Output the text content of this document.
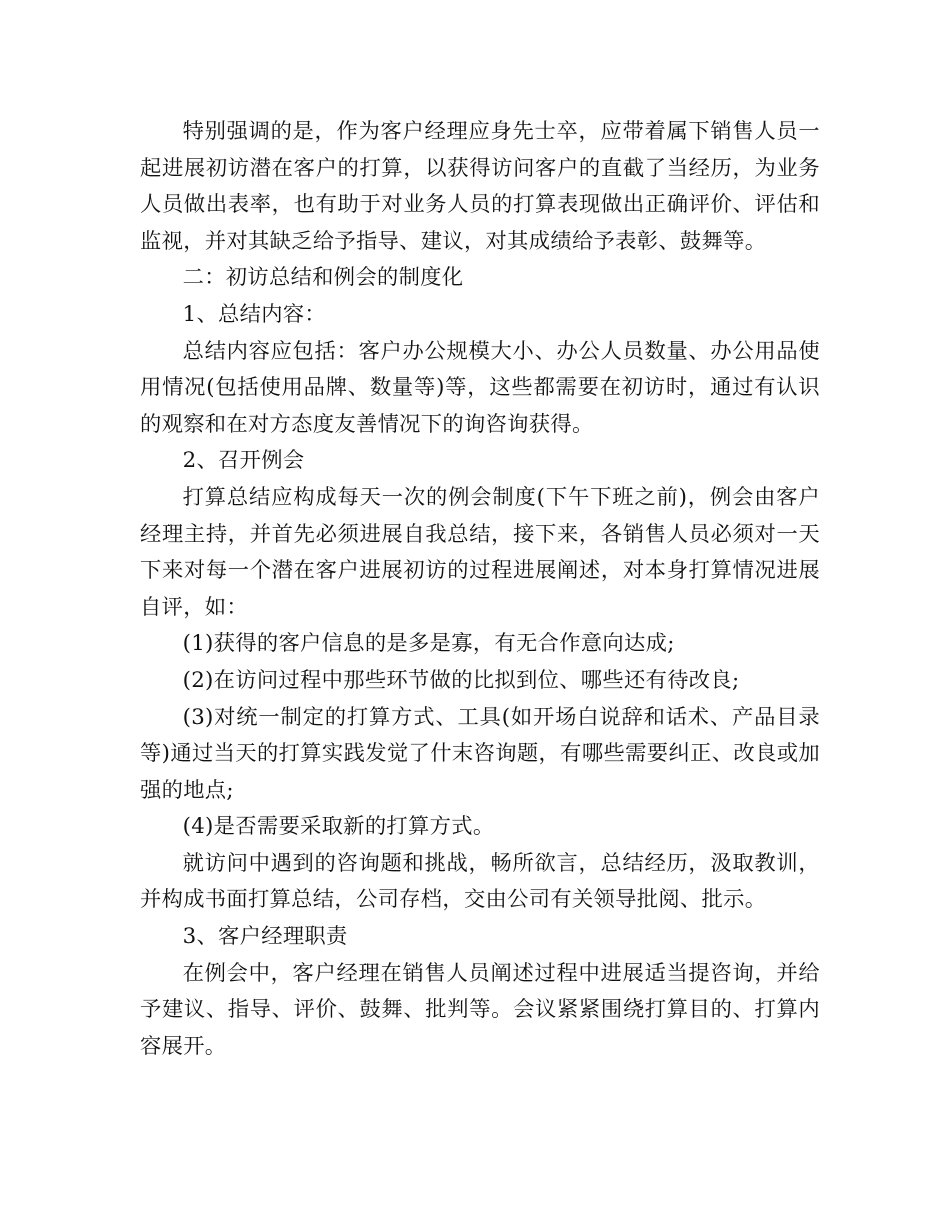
特别强调的是，作为客户经理应身先士卒，应带着属下销售人员一起进展初访潜在客户的打算，以获得访问客户的直截了当经历，为业务人员做出表率，也有助于对业务人员的打算表现做出正确评价、评估和监视，并对其缺乏给予指导、建议，对其成绩给予表彰、鼓舞等。

二：初访总结和例会的制度化

1、总结内容：

总结内容应包括：客户办公规模大小、办公人员数量、办公用品使用情况(包括使用品牌、数量等)等，这些都需要在初访时，通过有认识的观察和在对方态度友善情况下的询咨询获得。

2、召开例会

打算总结应构成每天一次的例会制度(下午下班之前)，例会由客户经理主持，并首先必须进展自我总结，接下来，各销售人员必须对一天下来对每一个潜在客户进展初访的过程进展阐述，对本身打算情况进展自评，如：

(1)获得的客户信息的是多是寡，有无合作意向达成;

(2)在访问过程中那些环节做的比拟到位、哪些还有待改良;

(3)对统一制定的打算方式、工具(如开场白说辞和话术、产品目录等)通过当天的打算实践发觉了什末咨询题，有哪些需要纠正、改良或加强的地点;

(4)是否需要采取新的打算方式。

就访问中遇到的咨询题和挑战，畅所欲言，总结经历，汲取教训，并构成书面打算总结，公司存档，交由公司有关领导批阅、批示。

3、客户经理职责

在例会中，客户经理在销售人员阐述过程中进展适当提咨询，并给予建议、指导、评价、鼓舞、批判等。会议紧紧围绕打算目的、打算内容展开。
